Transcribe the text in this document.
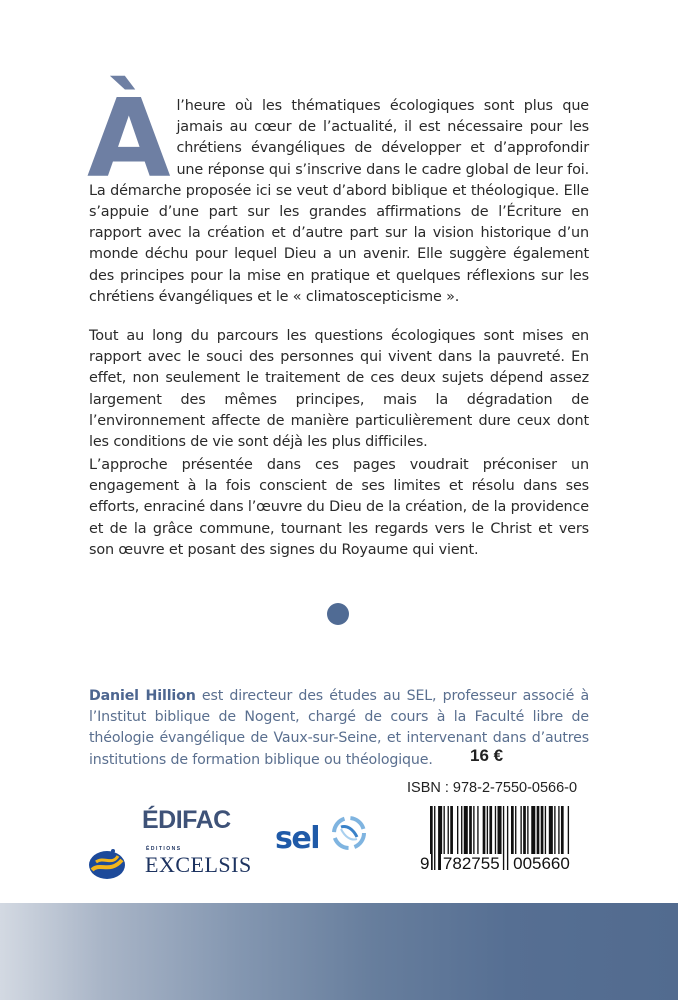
À l’heure où les thématiques écologiques sont plus que jamais au cœur de l’actualité, il est nécessaire pour les chrétiens évangéliques de développer et d’approfondir une réponse qui s’inscrive dans le cadre global de leur foi. La démarche proposée ici se veut d’abord biblique et théologique. Elle s’appuie d’une part sur les grandes affirmations de l’Écriture en rapport avec la création et d’autre part sur la vision historique d’un monde déchu pour lequel Dieu a un avenir. Elle suggère également des principes pour la mise en pratique et quelques réflexions sur les chrétiens évangéliques et le « climatoscepticisme ».
Tout au long du parcours les questions écologiques sont mises en rapport avec le souci des personnes qui vivent dans la pauvreté. En effet, non seulement le traitement de ces deux sujets dépend assez largement des mêmes principes, mais la dégradation de l’environnement affecte de manière particulièrement dure ceux dont les conditions de vie sont déjà les plus difficiles.
L’approche présentée dans ces pages voudrait préconiser un engagement à la fois conscient de ses limites et résolu dans ses efforts, enraciné dans l’œuvre du Dieu de la création, de la providence et de la grâce commune, tournant les regards vers le Christ et vers son œuvre et posant des signes du Royaume qui vient.
Daniel Hillion est directeur des études au SEL, professeur associé à l’Institut biblique de Nogent, chargé de cours à la Faculté libre de théologie évangélique de Vaux-sur-Seine, et intervenant dans d’autres institutions de formation biblique ou théologique.	16 €
ISBN : 978-2-7550-0566-0
9 782755 005660
ÉDIFAC
ÉDITIONS
EXCELSIS
sel
